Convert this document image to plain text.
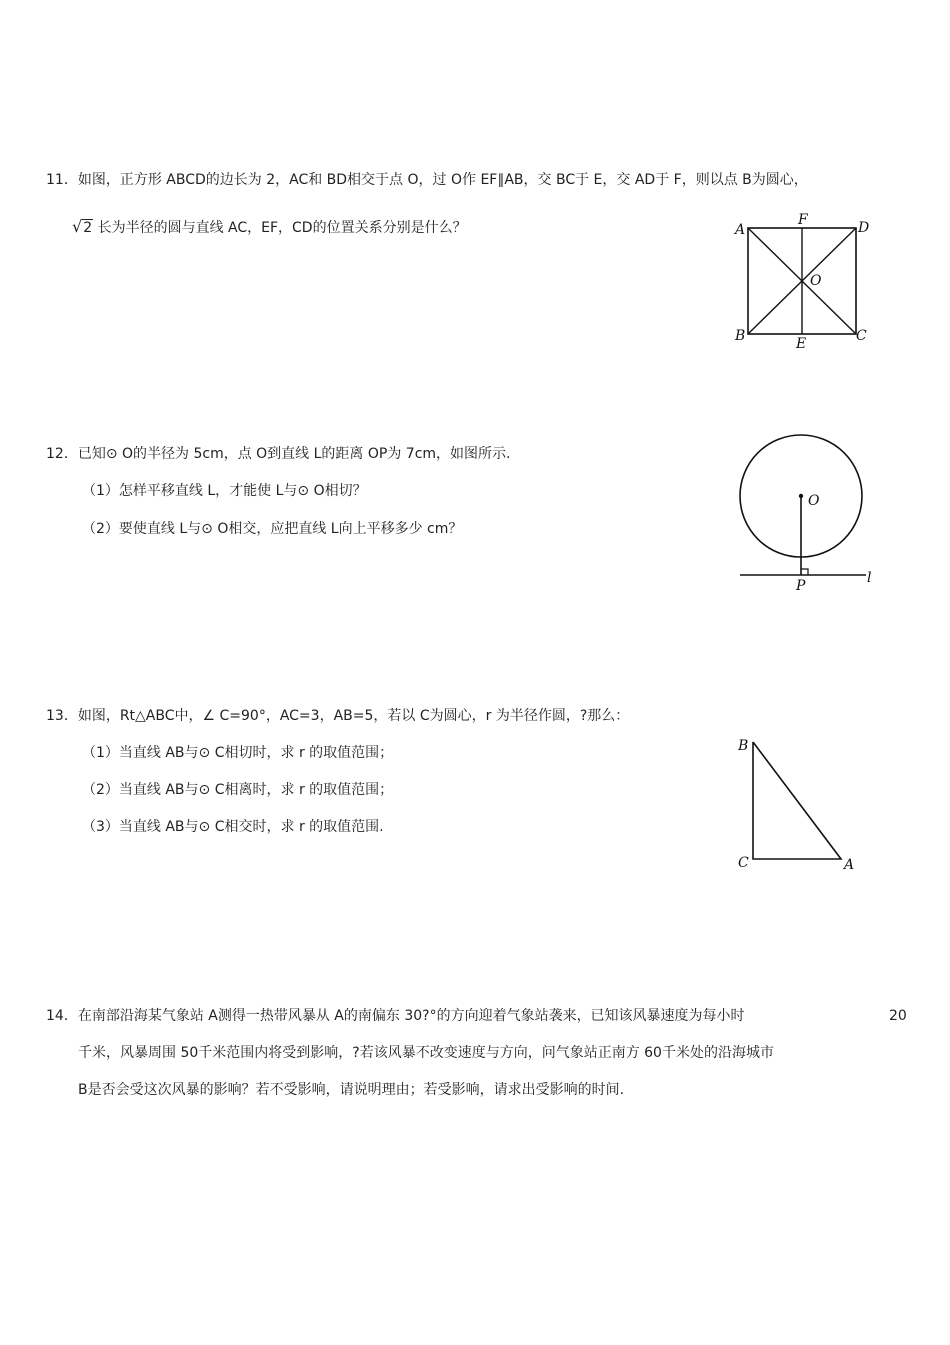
11．如图，正方形 ABCD的边长为 2，AC和 BD相交于点 O，过 O作 EF∥AB，交 BC于 E，交 AD于 F，则以点 B为圆心，
√2 长为半径的圆与直线 AC，EF，CD的位置关系分别是什么？	A
F	D
O
B	E	C
12．已知⊙ O的半径为 5cm，点 O到直线 L的距离 OP为 7cm，如图所示.
（1）怎样平移直线 L，才能使 L与⊙ O相切？
（2）要使直线 L与⊙ O相交，应把直线 L向上平移多少 cm？
O
P	l
13．如图，Rt△ABC中，∠ C=90°，AC=3，AB=5，若以 C为圆心，r 为半径作圆，?那么：
（1）当直线 AB与⊙ C相切时，求 r 的取值范围；
（2）当直线 AB与⊙ C相离时，求 r 的取值范围；
（3）当直线 AB与⊙ C相交时，求 r 的取值范围.
B
C	A
14．在南部沿海某气象站 A测得一热带风暴从 A的南偏东 30?°的方向迎着气象站袭来，已知该风暴速度为每小时	20
千米，风暴周围 50千米范围内将受到影响，?若该风暴不改变速度与方向，问气象站正南方 60千米处的沿海城市
B是否会受这次风暴的影响？若不受影响，请说明理由；若受影响，请求出受影响的时间.
